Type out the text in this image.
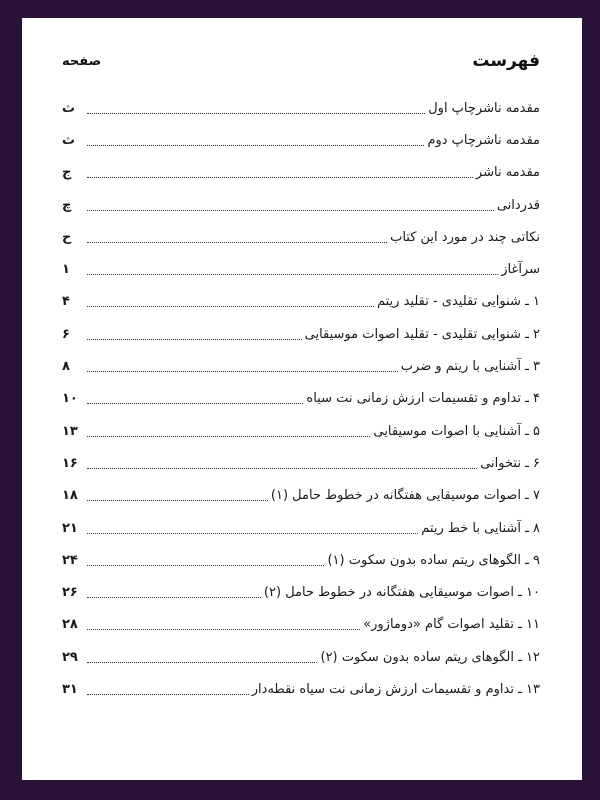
فهرست
صفحه
مقدمه ناشرچاپ اول
ث
مقدمه ناشرچاپ دوم
ث
مقدمه ناشر
ج
قدردانی
چ
نکاتی چند در مورد این کتاب
ح
سرآغاز
۱
۱ ـ شنوایی تقلیدی - تقلید ریتم
۴
۲ ـ شنوایی تقلیدی - تقلید اصوات موسیقایی
۶
۳ ـ آشنایی با ریتم و ضرب
۸
۴ ـ تداوم و تقسیمات ارزش زمانی نت سیاه
۱۰
۵ ـ آشنایی با اصوات موسیقایی
۱۳
۶ ـ نتخوانی
۱۶
۷ ـ اصوات موسیقایی هفتگانه در خطوط حامل (۱)
۱۸
۸ ـ آشنایی با خط ریتم
۲۱
۹ ـ الگوهای ریتم ساده بدون سکوت (۱)
۲۴
۱۰ ـ اصوات موسیقایی هفتگانه در خطوط حامل (۲)
۲۶
۱۱ ـ تقلید اصوات گام «دوماژور»
۲۸
۱۲ ـ الگوهای ریتم ساده بدون سکوت (۲)
۲۹
۱۳ ـ تداوم و تقسیمات ارزش زمانی نت سیاه نقطه‌دار
۳۱
